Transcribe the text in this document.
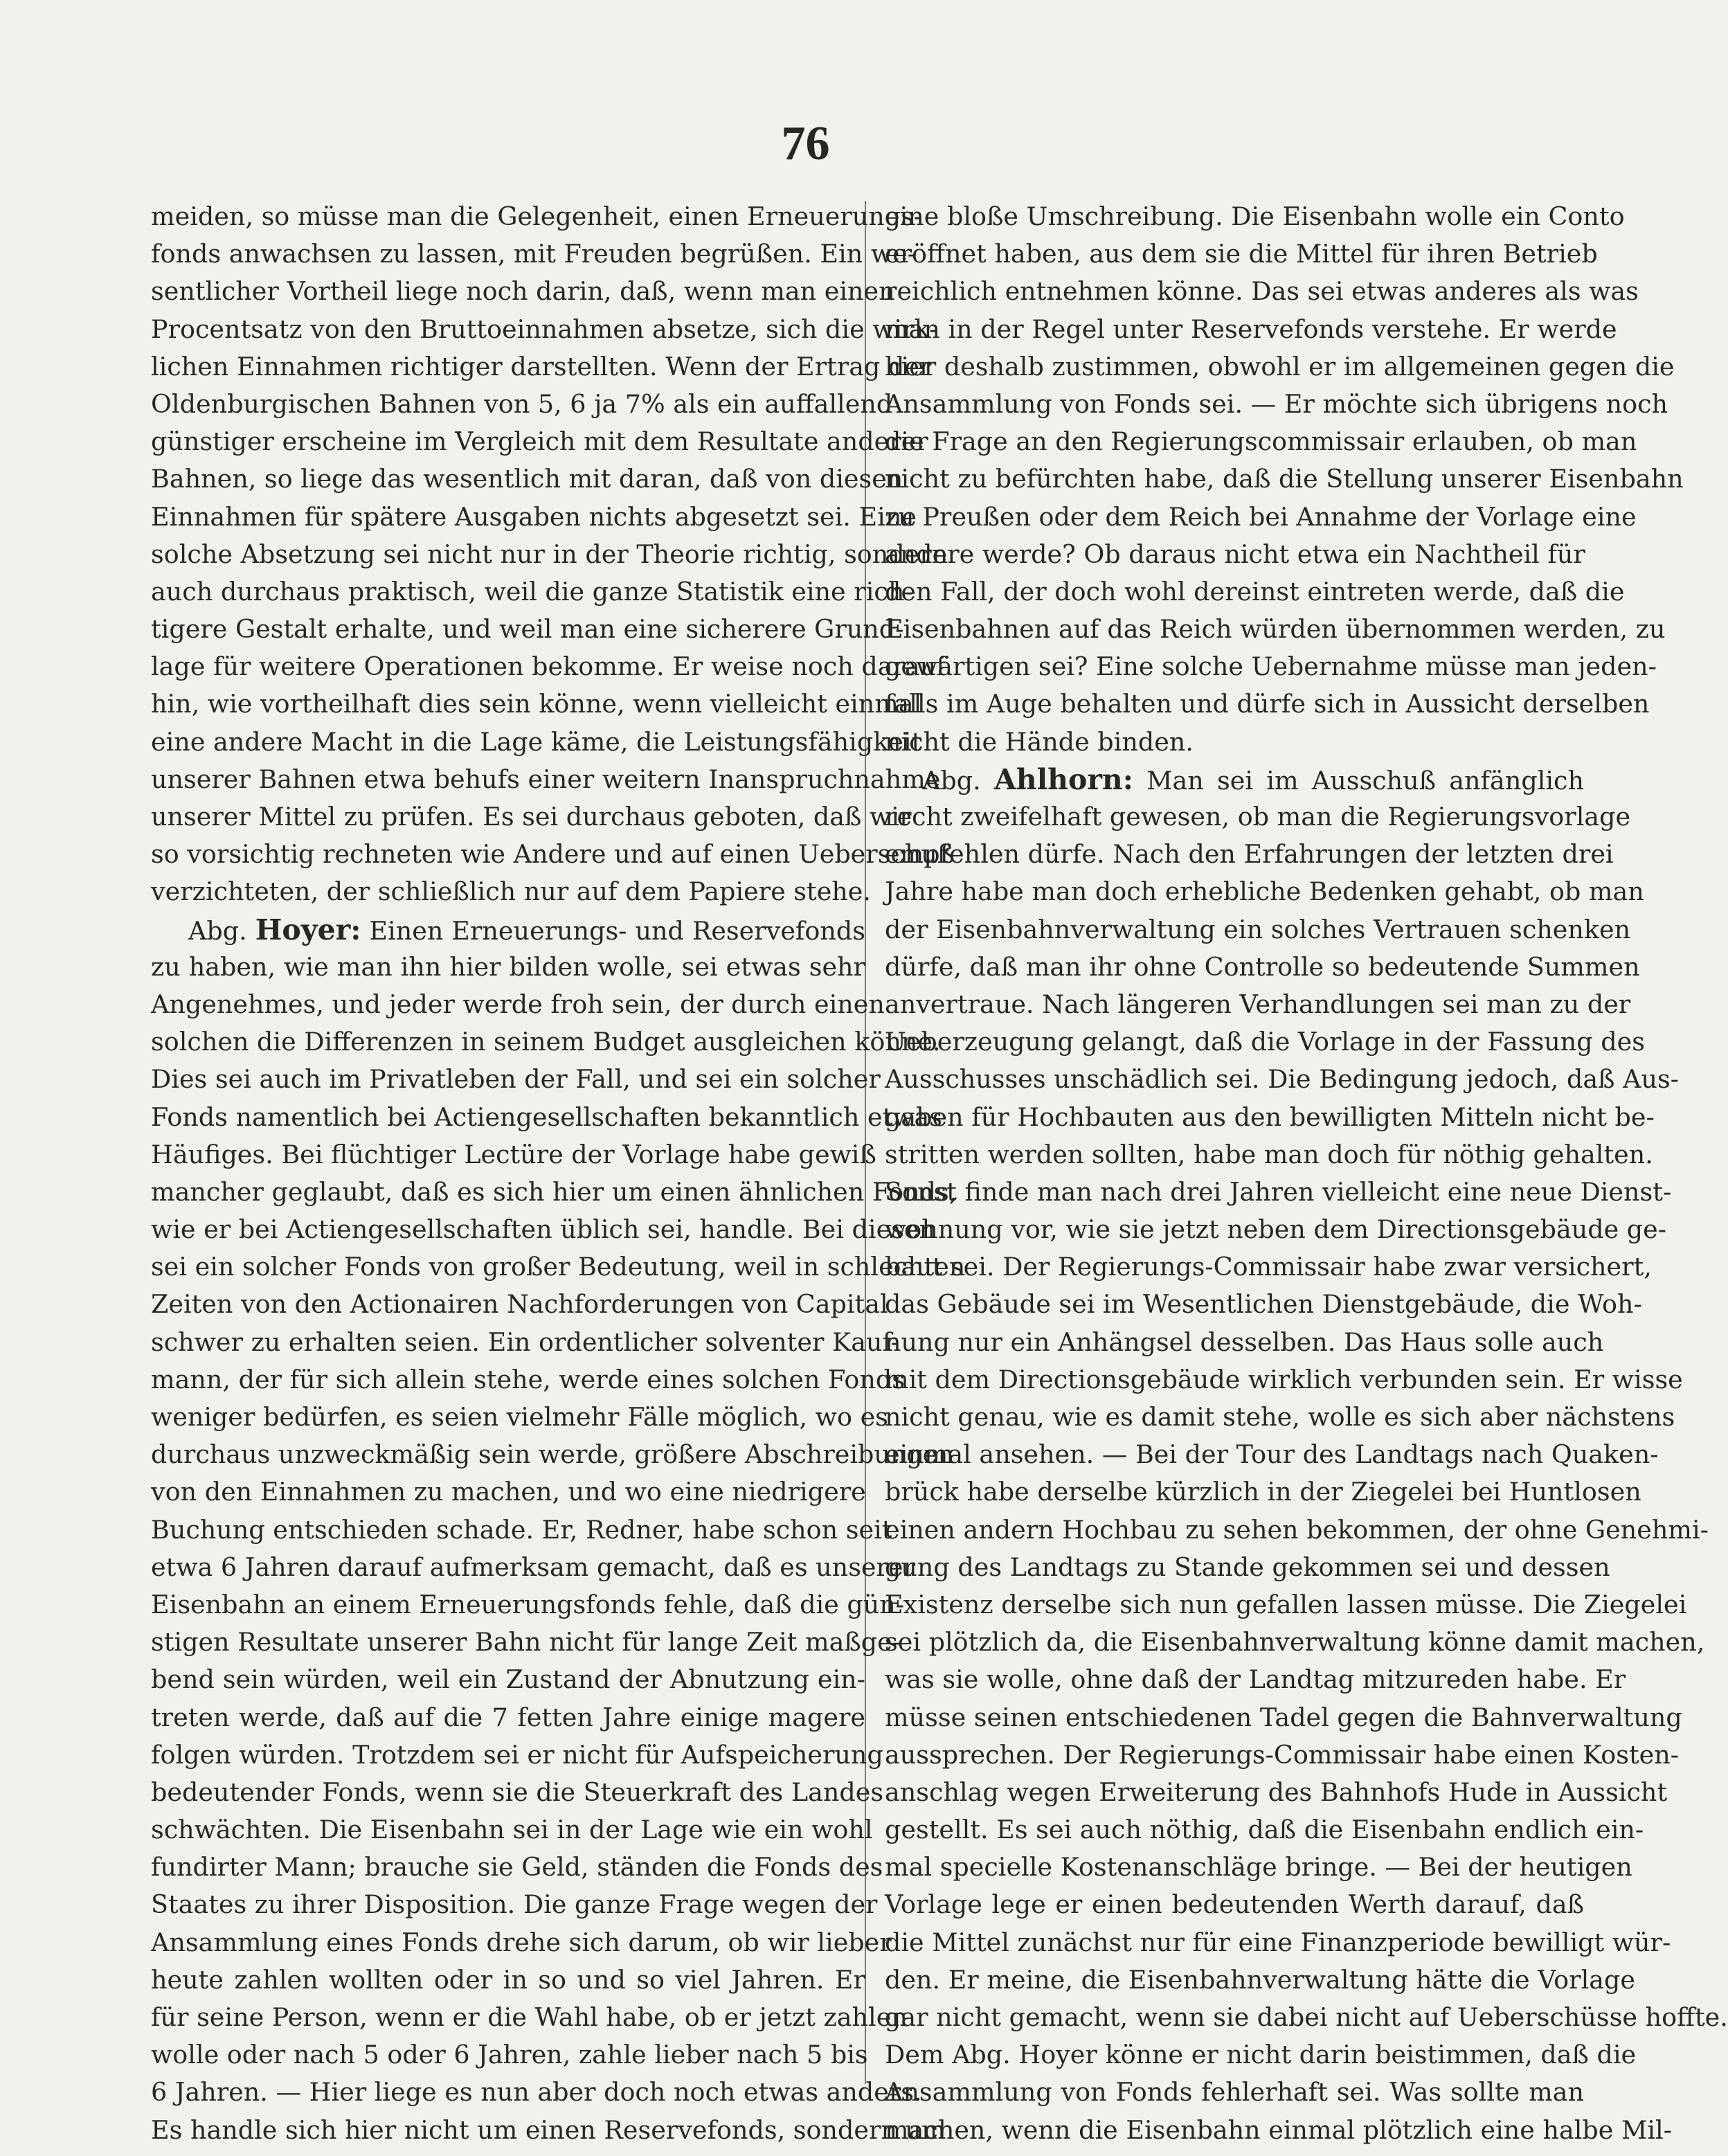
76
meiden, so müsse man die Gelegenheit, einen Erneuerungs-
fonds anwachsen zu lassen, mit Freuden begrüßen. Ein we-
sentlicher Vortheil liege noch darin, daß, wenn man einen
Procentsatz von den Bruttoeinnahmen absetze, sich die wirk-
lichen Einnahmen richtiger darstellten. Wenn der Ertrag der
Oldenburgischen Bahnen von 5, 6 ja 7% als ein auffallend
günstiger erscheine im Vergleich mit dem Resultate anderer
Bahnen, so liege das wesentlich mit daran, daß von diesen
Einnahmen für spätere Ausgaben nichts abgesetzt sei. Eine
solche Absetzung sei nicht nur in der Theorie richtig, sondern
auch durchaus praktisch, weil die ganze Statistik eine rich-
tigere Gestalt erhalte, und weil man eine sicherere Grund-
lage für weitere Operationen bekomme. Er weise noch darauf
hin, wie vortheilhaft dies sein könne, wenn vielleicht einmal
eine andere Macht in die Lage käme, die Leistungsfähigkeit
unserer Bahnen etwa behufs einer weitern Inanspruchnahme
unserer Mittel zu prüfen. Es sei durchaus geboten, daß wir
so vorsichtig rechneten wie Andere und auf einen Ueberschuß
verzichteten, der schließlich nur auf dem Papiere stehe.
Abg. Hoyer: Einen Erneuerungs- und Reservefonds
zu haben, wie man ihn hier bilden wolle, sei etwas sehr
Angenehmes, und jeder werde froh sein, der durch einen
solchen die Differenzen in seinem Budget ausgleichen könne.
Dies sei auch im Privatleben der Fall, und sei ein solcher
Fonds namentlich bei Actiengesellschaften bekanntlich etwas
Häufiges. Bei flüchtiger Lectüre der Vorlage habe gewiß
mancher geglaubt, daß es sich hier um einen ähnlichen Fonds,
wie er bei Actiengesellschaften üblich sei, handle. Bei diesen
sei ein solcher Fonds von großer Bedeutung, weil in schlechten
Zeiten von den Actionairen Nachforderungen von Capital
schwer zu erhalten seien. Ein ordentlicher solventer Kauf-
mann, der für sich allein stehe, werde eines solchen Fonds
weniger bedürfen, es seien vielmehr Fälle möglich, wo es
durchaus unzweckmäßig sein werde, größere Abschreibungen
von den Einnahmen zu machen, und wo eine niedrigere
Buchung entschieden schade. Er, Redner, habe schon seit
etwa 6 Jahren darauf aufmerksam gemacht, daß es unserer
Eisenbahn an einem Erneuerungsfonds fehle, daß die gün-
stigen Resultate unserer Bahn nicht für lange Zeit maßge-
bend sein würden, weil ein Zustand der Abnutzung ein-
treten werde, daß auf die 7 fetten Jahre einige magere
folgen würden. Trotzdem sei er nicht für Aufspeicherung
bedeutender Fonds, wenn sie die Steuerkraft des Landes
schwächten. Die Eisenbahn sei in der Lage wie ein wohl
fundirter Mann; brauche sie Geld, ständen die Fonds des
Staates zu ihrer Disposition. Die ganze Frage wegen der
Ansammlung eines Fonds drehe sich darum, ob wir lieber
heute zahlen wollten oder in so und so viel Jahren. Er
für seine Person, wenn er die Wahl habe, ob er jetzt zahlen
wolle oder nach 5 oder 6 Jahren, zahle lieber nach 5 bis
6 Jahren. — Hier liege es nun aber doch noch etwas anders.
Es handle sich hier nicht um einen Reservefonds, sondern um
eine bloße Umschreibung. Die Eisenbahn wolle ein Conto
eröffnet haben, aus dem sie die Mittel für ihren Betrieb
reichlich entnehmen könne. Das sei etwas anderes als was
man in der Regel unter Reservefonds verstehe. Er werde
hier deshalb zustimmen, obwohl er im allgemeinen gegen die
Ansammlung von Fonds sei. — Er möchte sich übrigens noch
die Frage an den Regierungscommissair erlauben, ob man
nicht zu befürchten habe, daß die Stellung unserer Eisenbahn
zu Preußen oder dem Reich bei Annahme der Vorlage eine
andere werde? Ob daraus nicht etwa ein Nachtheil für
den Fall, der doch wohl dereinst eintreten werde, daß die
Eisenbahnen auf das Reich würden übernommen werden, zu
gewärtigen sei? Eine solche Uebernahme müsse man jeden-
falls im Auge behalten und dürfe sich in Aussicht derselben
nicht die Hände binden.
Abg. Ahlhorn: Man sei im Ausschuß anfänglich
recht zweifelhaft gewesen, ob man die Regierungsvorlage
empfehlen dürfe. Nach den Erfahrungen der letzten drei
Jahre habe man doch erhebliche Bedenken gehabt, ob man
der Eisenbahnverwaltung ein solches Vertrauen schenken
dürfe, daß man ihr ohne Controlle so bedeutende Summen
anvertraue. Nach längeren Verhandlungen sei man zu der
Ueberzeugung gelangt, daß die Vorlage in der Fassung des
Ausschusses unschädlich sei. Die Bedingung jedoch, daß Aus-
gaben für Hochbauten aus den bewilligten Mitteln nicht be-
stritten werden sollten, habe man doch für nöthig gehalten.
Sonst finde man nach drei Jahren vielleicht eine neue Dienst-
wohnung vor, wie sie jetzt neben dem Directionsgebäude ge-
baut sei. Der Regierungs-Commissair habe zwar versichert,
das Gebäude sei im Wesentlichen Dienstgebäude, die Woh-
nung nur ein Anhängsel desselben. Das Haus solle auch
mit dem Directionsgebäude wirklich verbunden sein. Er wisse
nicht genau, wie es damit stehe, wolle es sich aber nächstens
einmal ansehen. — Bei der Tour des Landtags nach Quaken-
brück habe derselbe kürzlich in der Ziegelei bei Huntlosen
einen andern Hochbau zu sehen bekommen, der ohne Genehmi-
gung des Landtags zu Stande gekommen sei und dessen
Existenz derselbe sich nun gefallen lassen müsse. Die Ziegelei
sei plötzlich da, die Eisenbahnverwaltung könne damit machen,
was sie wolle, ohne daß der Landtag mitzureden habe. Er
müsse seinen entschiedenen Tadel gegen die Bahnverwaltung
aussprechen. Der Regierungs-Commissair habe einen Kosten-
anschlag wegen Erweiterung des Bahnhofs Hude in Aussicht
gestellt. Es sei auch nöthig, daß die Eisenbahn endlich ein-
mal specielle Kostenanschläge bringe. — Bei der heutigen
Vorlage lege er einen bedeutenden Werth darauf, daß
die Mittel zunächst nur für eine Finanzperiode bewilligt wür-
den. Er meine, die Eisenbahnverwaltung hätte die Vorlage
gar nicht gemacht, wenn sie dabei nicht auf Ueberschüsse hoffte.
Dem Abg. Hoyer könne er nicht darin beistimmen, daß die
Ansammlung von Fonds fehlerhaft sei. Was sollte man
machen, wenn die Eisenbahn einmal plötzlich eine halbe Mil-
